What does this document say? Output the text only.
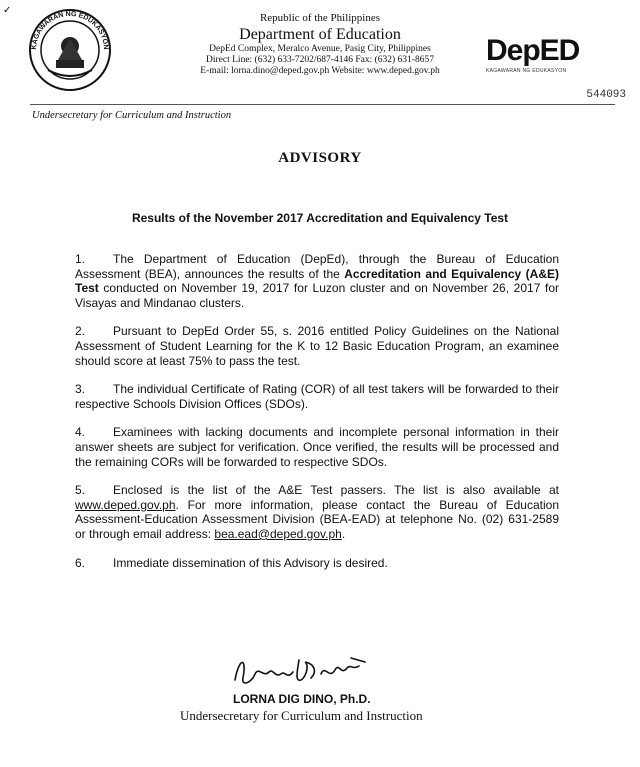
✓
KAGAWARAN NG EDUKASYON
Republic of the Philippines
Department of Education
DepEd Complex, Meralco Avenue, Pasig City, Philippines
Direct Line: (632) 633-7202/687-4146 Fax: (632) 631-8657
E-mail: lorna.dino@deped.gov.ph Website: www.deped.gov.ph
DepED
KAGAWARAN NG EDUKASYON
544093
Undersecretary for Curriculum and Instruction
ADVISORY
Results of the November 2017 Accreditation and Equivalency Test

1. The Department of Education (DepEd), through the Bureau of Education Assessment (BEA), announces the results of the Accreditation and Equivalency (A&E) Test conducted on November 19, 2017 for Luzon cluster and on November 26, 2017 for Visayas and Mindanao clusters.

2. Pursuant to DepEd Order 55, s. 2016 entitled Policy Guidelines on the National Assessment of Student Learning for the K to 12 Basic Education Program, an examinee should score at least 75% to pass the test.

3. The individual Certificate of Rating (COR) of all test takers will be forwarded to their respective Schools Division Offices (SDOs).

4. Examinees with lacking documents and incomplete personal information in their answer sheets are subject for verification. Once verified, the results will be processed and the remaining CORs will be forwarded to respective SDOs.

5. Enclosed is the list of the A&E Test passers. The list is also available at www.deped.gov.ph. For more information, please contact the Bureau of Education Assessment-Education Assessment Division (BEA-EAD) at telephone No. (02) 631-2589 or through email address: bea.ead@deped.gov.ph.

6. Immediate dissemination of this Advisory is desired.

LORNA DIG DINO, Ph.D.
Undersecretary for Curriculum and Instruction
